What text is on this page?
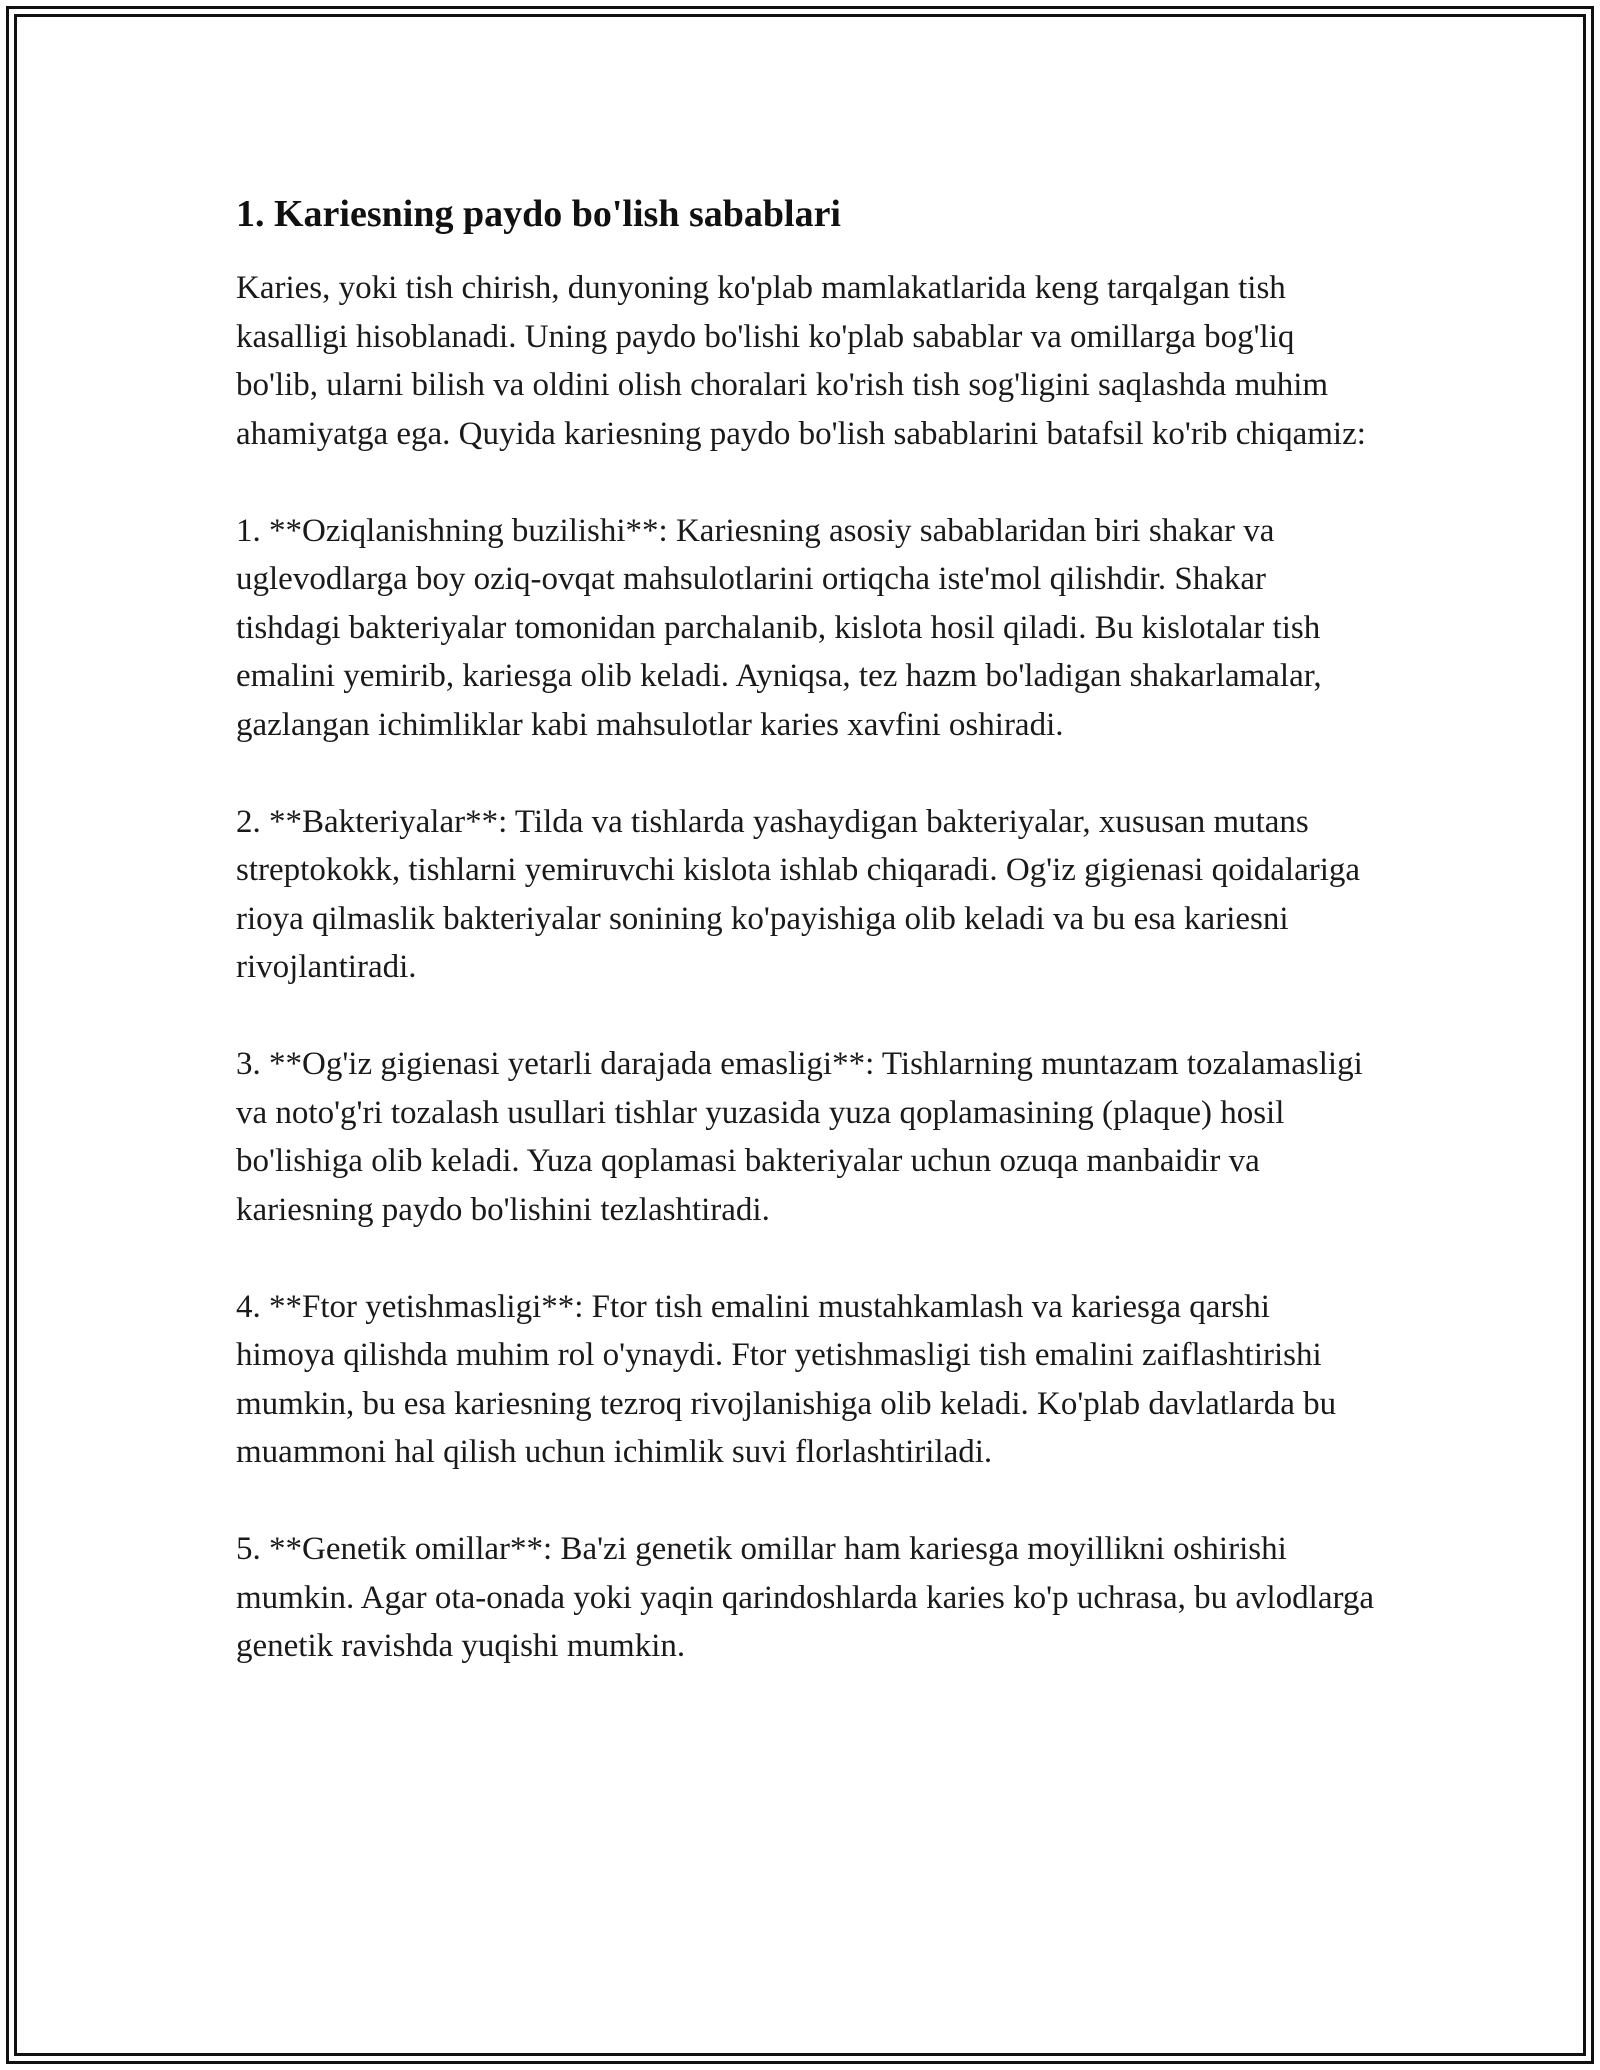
1. Kariesning paydo bo'lish sabablari

Karies, yoki tish chirish, dunyoning ko'plab mamlakatlarida keng tarqalgan tish kasalligi hisoblanadi. Uning paydo bo'lishi ko'plab sabablar va omillarga bog'liq bo'lib, ularni bilish va oldini olish choralari ko'rish tish sog'ligini saqlashda muhim ahamiyatga ega. Quyida kariesning paydo bo'lish sabablarini batafsil ko'rib chiqamiz:

1. **Oziqlanishning buzilishi**: Kariesning asosiy sabablaridan biri shakar va uglevodlarga boy oziq-ovqat mahsulotlarini ortiqcha iste'mol qilishdir. Shakar tishdagi bakteriyalar tomonidan parchalanib, kislota hosil qiladi. Bu kislotalar tish emalini yemirib, kariesga olib keladi. Ayniqsa, tez hazm bo'ladigan shakarlamalar, gazlangan ichimliklar kabi mahsulotlar karies xavfini oshiradi.

2. **Bakteriyalar**: Tilda va tishlarda yashaydigan bakteriyalar, xususan mutans streptokokk, tishlarni yemiruvchi kislota ishlab chiqaradi. Og'iz gigienasi qoidalariga rioya qilmaslik bakteriyalar sonining ko'payishiga olib keladi va bu esa kariesni rivojlantiradi.

3. **Og'iz gigienasi yetarli darajada emasligi**: Tishlarning muntazam tozalamasligi va noto'g'ri tozalash usullari tishlar yuzasida yuza qoplamasining (plaque) hosil bo'lishiga olib keladi. Yuza qoplamasi bakteriyalar uchun ozuqa manbaidir va kariesning paydo bo'lishini tezlashtiradi.

4. **Ftor yetishmasligi**: Ftor tish emalini mustahkamlash va kariesga qarshi himoya qilishda muhim rol o'ynaydi. Ftor yetishmasligi tish emalini zaiflashtirishi mumkin, bu esa kariesning tezroq rivojlanishiga olib keladi. Ko'plab davlatlarda bu muammoni hal qilish uchun ichimlik suvi florlashtiriladi.

5. **Genetik omillar**: Ba'zi genetik omillar ham kariesga moyillikni oshirishi mumkin. Agar ota-onada yoki yaqin qarindoshlarda karies ko'p uchrasa, bu avlodlarga genetik ravishda yuqishi mumkin.
